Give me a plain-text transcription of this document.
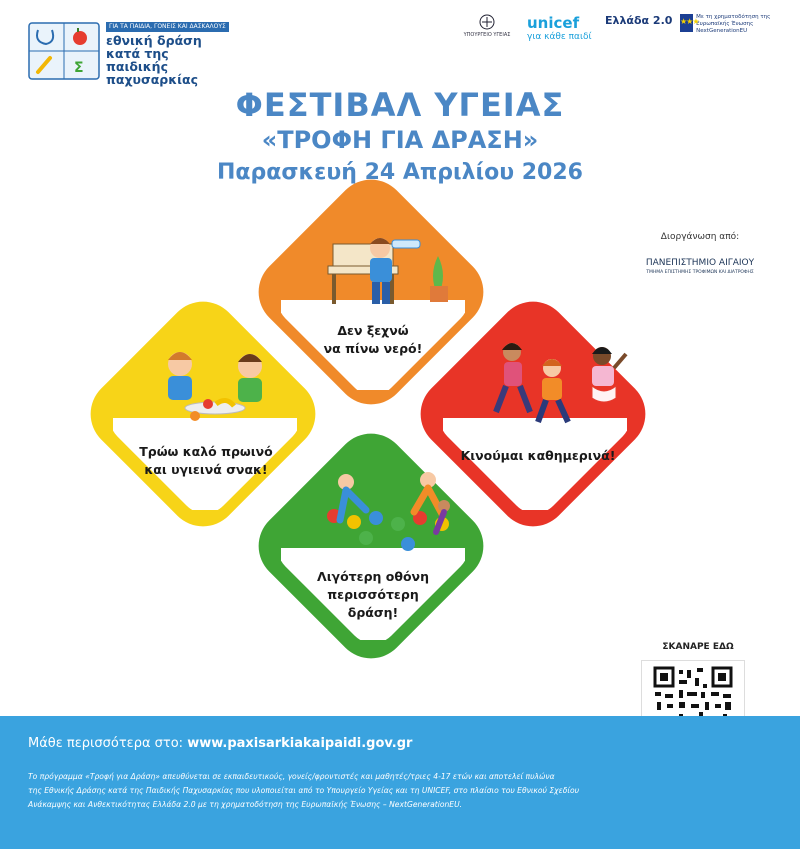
Σ
ΓΙΑ ΤΑ ΠΑΙΔΙΑ, ΓΟΝΕΙΣ ΚΑΙ ΔΑΣΚΑΛΟΥΣ
εθνική δράση
κατά της
παιδικής
παχυσαρκίας
ΥΠΟΥΡΓΕΙΟ ΥΓΕΙΑΣ
unicef
για κάθε παιδί
Ελλάδα 2.0 ★★★
Με τη χρηματοδότηση της Ευρωπαϊκής Ένωσης NextGenerationEU
ΦΕΣΤΙΒΑΛ ΥΓΕΙΑΣ
«ΤΡΟΦΗ ΓΙΑ ΔΡΑΣΗ»
Παρασκευή 24 Απριλίου 2026
Διοργάνωση από:
ΠΑΝΕΠΙΣΤΗΜΙΟ ΑΙΓΑΙΟΥ
ΤΜΗΜΑ ΕΠΙΣΤΗΜΗΣ ΤΡΟΦΙΜΩΝ ΚΑΙ ΔΙΑΤΡΟΦΗΣ
Δεν ξεχνώ
να πίνω νερό!
Τρώω καλό πρωινό
και υγιεινά σνακ!
Κινούμαι καθημερινά!
Λιγότερη οθόνη
περισσότερη δράση!
ΣΚΑΝΑΡΕ ΕΔΩ
Μάθε περισσότερα στο: www.paxisarkiakaipaidi.gov.gr
Το πρόγραμμα «Τροφή για Δράση» απευθύνεται σε εκπαιδευτικούς, γονείς/φροντιστές και μαθητές/τριες 4-17 ετών και αποτελεί πυλώνα
της Εθνικής Δράσης κατά της Παιδικής Παχυσαρκίας που υλοποιείται από το Υπουργείο Υγείας και τη UNICEF, στο πλαίσιο του Εθνικού Σχεδίου
Ανάκαμψης και Ανθεκτικότητας Ελλάδα 2.0 με τη χρηματοδότηση της Ευρωπαϊκής Ένωσης – NextGenerationEU.
